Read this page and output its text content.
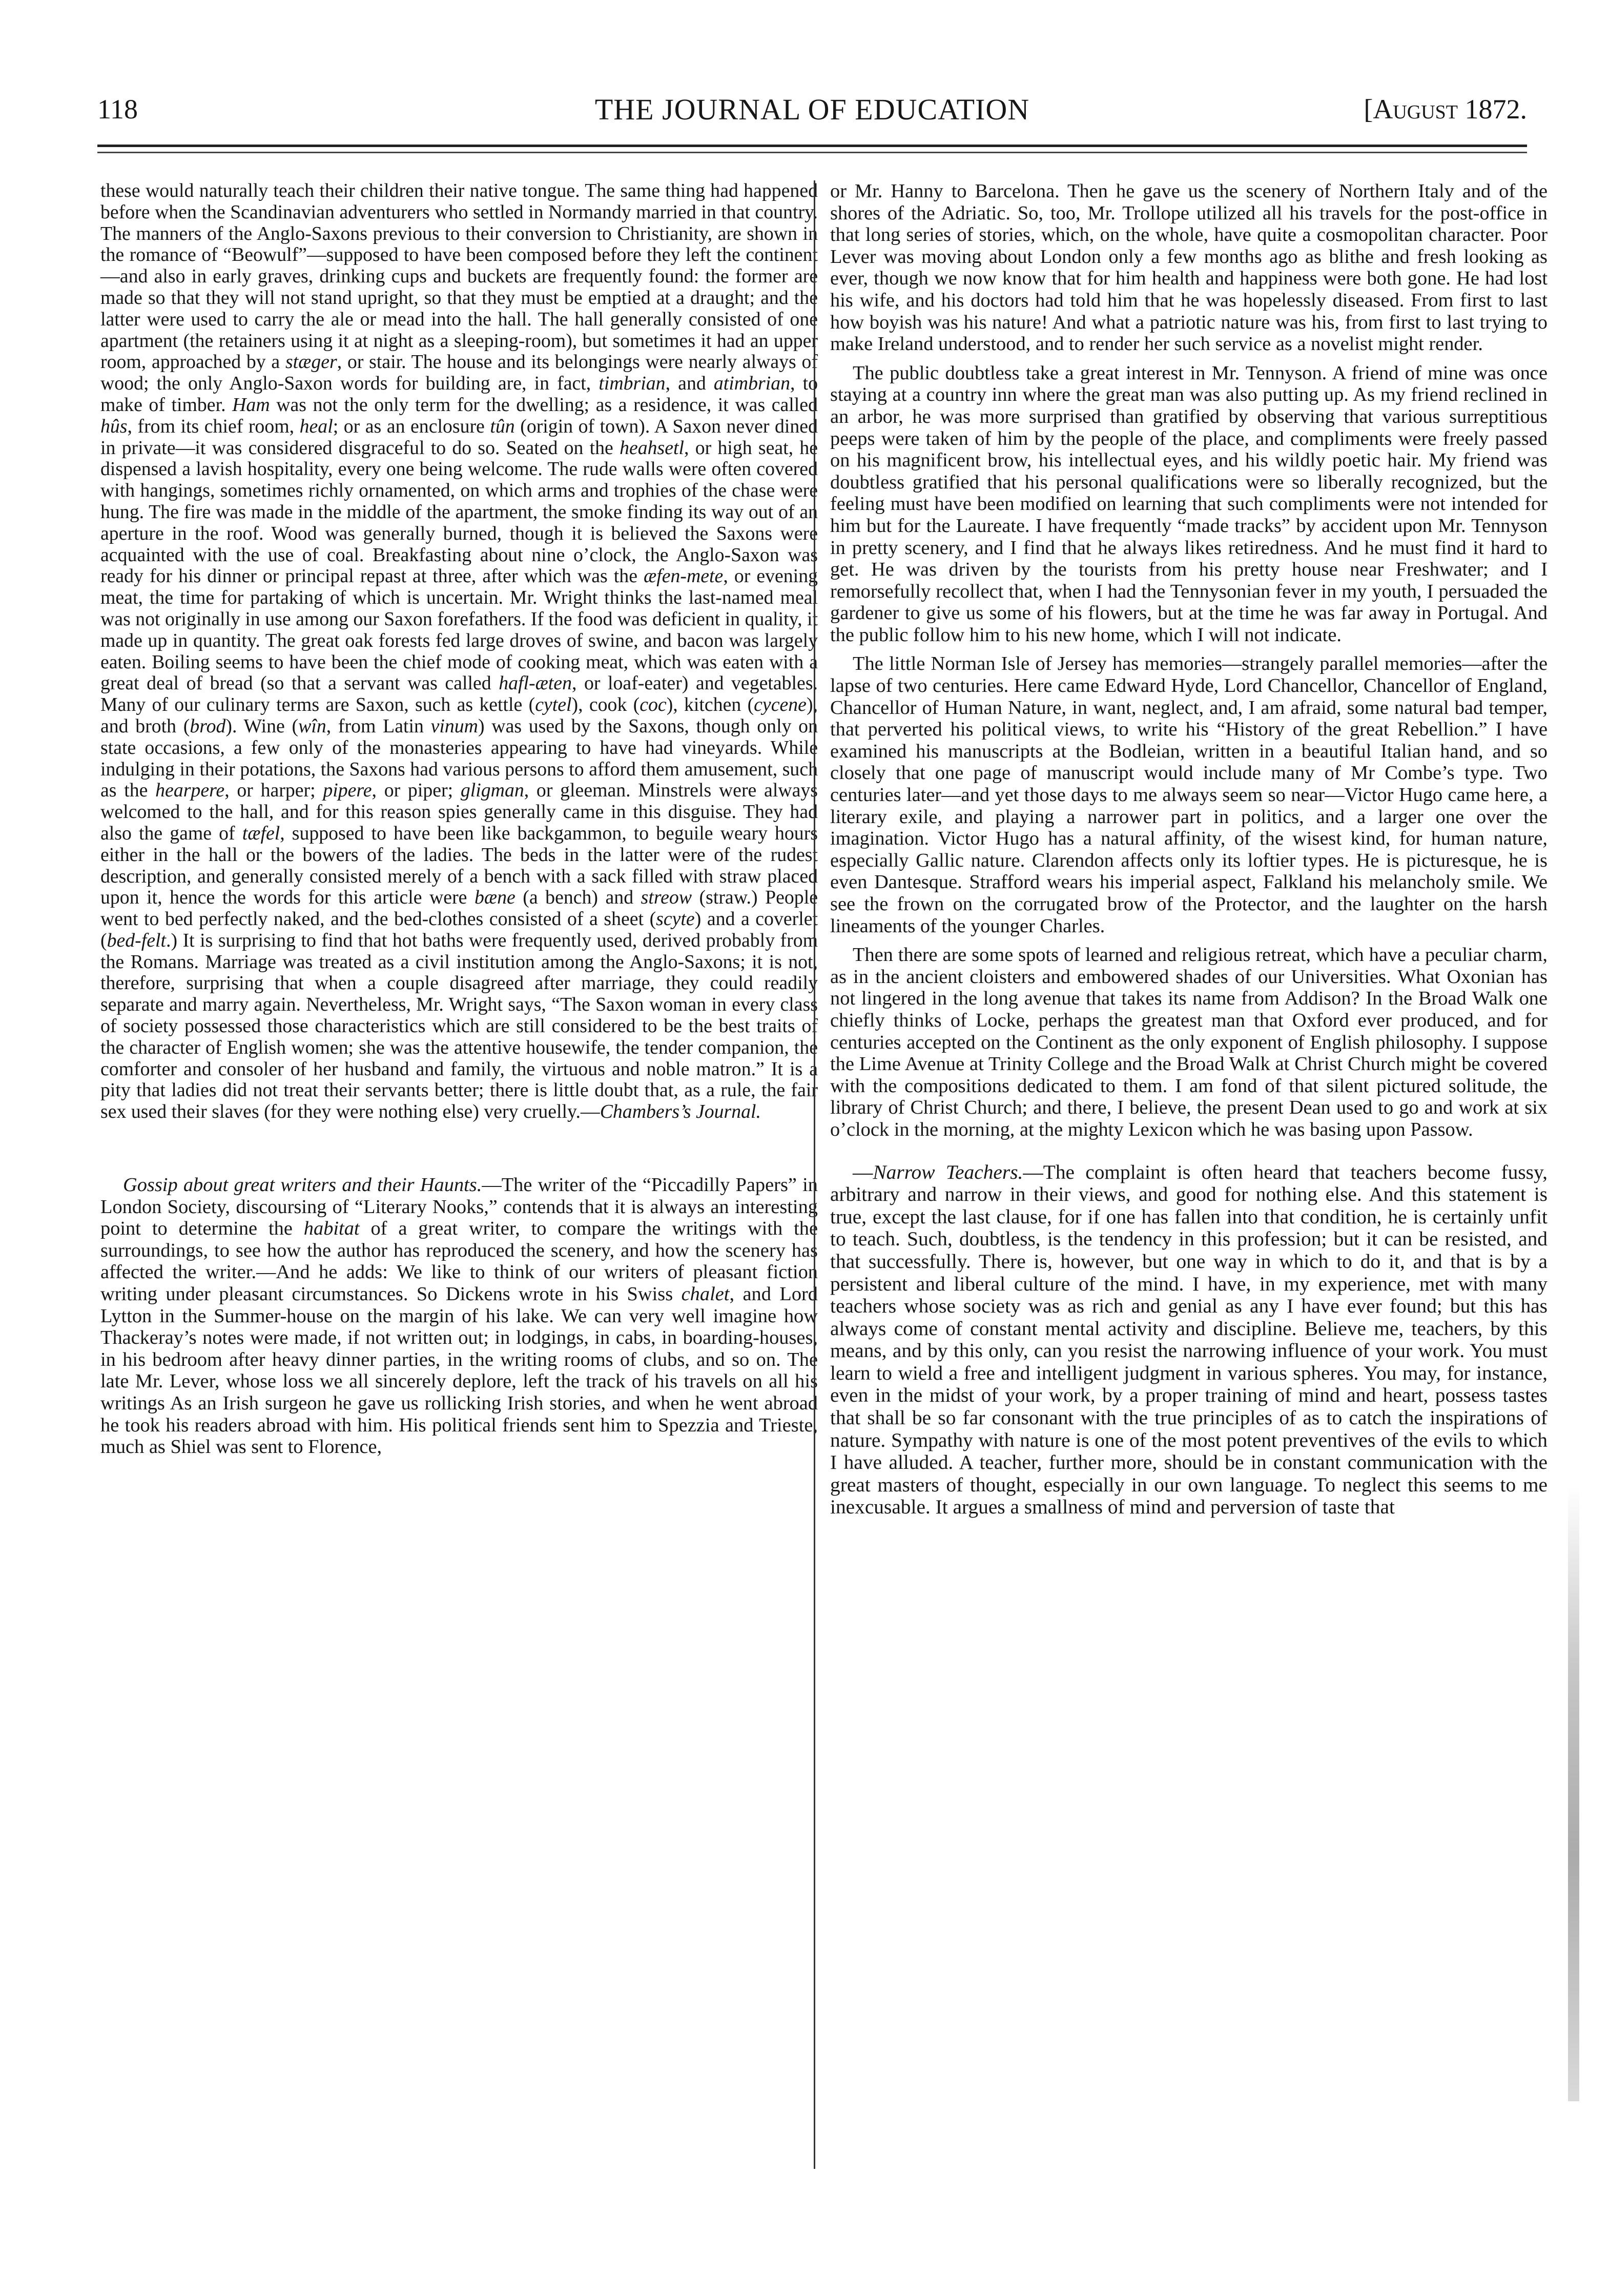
118	THE JOURNAL OF EDUCATION	[August 1872.

these would naturally teach their children their native tongue. The same thing had happened before when the Scandinavian adventurers who settled in Normandy married in that country. The manners of the Anglo-Saxons previous to their conversion to Christianity, are shown in the romance of “Beowulf”—supposed to have been composed before they left the continent—and also in early graves, drinking cups and buckets are frequently found: the former are made so that they will not stand upright, so that they must be emptied at a draught; and the latter were used to carry the ale or mead into the hall. The hall generally consisted of one apartment (the retainers using it at night as a sleeping-room), but sometimes it had an upper room, approached by a stæger, or stair. The house and its belongings were nearly always of wood; the only Anglo-Saxon words for building are, in fact, timbrian, and atimbrian, to make of timber. Ham was not the only term for the dwelling; as a residence, it was called hûs, from its chief room, heal; or as an enclosure tûn (origin of town). A Saxon never dined in private—it was considered disgraceful to do so. Seated on the heahsetl, or high seat, he dispensed a lavish hospitality, every one being welcome. The rude walls were often covered with hangings, sometimes richly ornamented, on which arms and trophies of the chase were hung. The fire was made in the middle of the apartment, the smoke finding its way out of an aperture in the roof. Wood was generally burned, though it is believed the Saxons were acquainted with the use of coal. Breakfasting about nine o’clock, the Anglo-Saxon was ready for his dinner or principal repast at three, after which was the æfen-mete, or evening meat, the time for partaking of which is uncertain. Mr. Wright thinks the last-named meal was not originally in use among our Saxon forefathers. If the food was deficient in quality, it made up in quantity. The great oak forests fed large droves of swine, and bacon was largely eaten. Boiling seems to have been the chief mode of cooking meat, which was eaten with a great deal of bread (so that a servant was called hafl-æten, or loaf-eater) and vegetables. Many of our culinary terms are Saxon, such as kettle (cytel), cook (coc), kitchen (cycene), and broth (brod). Wine (wîn, from Latin vinum) was used by the Saxons, though only on state occasions, a few only of the monasteries appearing to have had vineyards. While indulging in their potations, the Saxons had various persons to afford them amusement, such as the hearpere, or harper; pipere, or piper; gligman, or gleeman. Minstrels were always welcomed to the hall, and for this reason spies generally came in this disguise. They had also the game of tæfel, supposed to have been like backgammon, to beguile weary hours either in the hall or the bowers of the ladies. The beds in the latter were of the rudest description, and generally consisted merely of a bench with a sack filled with straw placed upon it, hence the words for this article were bæne (a bench) and streow (straw.) People went to bed perfectly naked, and the bed-clothes consisted of a sheet (scyte) and a coverlet (bed-felt.) It is surprising to find that hot baths were frequently used, derived probably from the Romans. Marriage was treated as a civil institution among the Anglo-Saxons; it is not, therefore, surprising that when a couple disagreed after marriage, they could readily separate and marry again. Nevertheless, Mr. Wright says, “The Saxon woman in every class of society possessed those characteristics which are still considered to be the best traits of the character of English women; she was the attentive housewife, the tender companion, the comforter and consoler of her husband and family, the virtuous and noble matron.” It is a pity that ladies did not treat their servants better; there is little doubt that, as a rule, the fair sex used their slaves (for they were nothing else) very cruelly.—Chambers’s Journal.

Gossip about great writers and their Haunts.—The writer of the “Piccadilly Papers” in London Society, discoursing of “Literary Nooks,” contends that it is always an interesting point to determine the habitat of a great writer, to compare the writings with the surroundings, to see how the author has reproduced the scenery, and how the scenery has affected the writer.—And he adds: We like to think of our writers of pleasant fiction writing under pleasant circumstances. So Dickens wrote in his Swiss chalet, and Lord Lytton in the Summer-house on the margin of his lake. We can very well imagine how Thackeray’s notes were made, if not written out; in lodgings, in cabs, in boarding-houses, in his bedroom after heavy dinner parties, in the writing rooms of clubs, and so on. The late Mr. Lever, whose loss we all sincerely deplore, left the track of his travels on all his writings As an Irish surgeon he gave us rollicking Irish stories, and when he went abroad he took his readers abroad with him. His political friends sent him to Spezzia and Trieste, much as Shiel was sent to Florence,

or Mr. Hanny to Barcelona. Then he gave us the scenery of Northern Italy and of the shores of the Adriatic. So, too, Mr. Trollope utilized all his travels for the post-office in that long series of stories, which, on the whole, have quite a cosmopolitan character. Poor Lever was moving about London only a few months ago as blithe and fresh looking as ever, though we now know that for him health and happiness were both gone. He had lost his wife, and his doctors had told him that he was hopelessly diseased. From first to last how boyish was his nature! And what a patriotic nature was his, from first to last trying to make Ireland understood, and to render her such service as a novelist might render.

The public doubtless take a great interest in Mr. Tennyson. A friend of mine was once staying at a country inn where the great man was also putting up. As my friend reclined in an arbor, he was more surprised than gratified by observing that various surreptitious peeps were taken of him by the people of the place, and compliments were freely passed on his magnificent brow, his intellectual eyes, and his wildly poetic hair. My friend was doubtless gratified that his personal qualifications were so liberally recognized, but the feeling must have been modified on learning that such compliments were not intended for him but for the Laureate. I have frequently “made tracks” by accident upon Mr. Tennyson in pretty scenery, and I find that he always likes retiredness. And he must find it hard to get. He was driven by the tourists from his pretty house near Freshwater; and I remorsefully recollect that, when I had the Tennysonian fever in my youth, I persuaded the gardener to give us some of his flowers, but at the time he was far away in Portugal. And the public follow him to his new home, which I will not indicate.

The little Norman Isle of Jersey has memories—strangely parallel memories—after the lapse of two centuries. Here came Edward Hyde, Lord Chancellor, Chancellor of England, Chancellor of Human Nature, in want, neglect, and, I am afraid, some natural bad temper, that perverted his political views, to write his “History of the great Rebellion.” I have examined his manuscripts at the Bodleian, written in a beautiful Italian hand, and so closely that one page of manuscript would include many of Mr Combe’s type. Two centuries later—and yet those days to me always seem so near—Victor Hugo came here, a literary exile, and playing a narrower part in politics, and a larger one over the imagination. Victor Hugo has a natural affinity, of the wisest kind, for human nature, especially Gallic nature. Clarendon affects only its loftier types. He is picturesque, he is even Dantesque. Strafford wears his imperial aspect, Falkland his melancholy smile. We see the frown on the corrugated brow of the Protector, and the laughter on the harsh lineaments of the younger Charles.

Then there are some spots of learned and religious retreat, which have a peculiar charm, as in the ancient cloisters and embowered shades of our Universities. What Oxonian has not lingered in the long avenue that takes its name from Addison? In the Broad Walk one chiefly thinks of Locke, perhaps the greatest man that Oxford ever produced, and for centuries accepted on the Continent as the only exponent of English philosophy. I suppose the Lime Avenue at Trinity College and the Broad Walk at Christ Church might be covered with the compositions dedicated to them. I am fond of that silent pictured solitude, the library of Christ Church; and there, I believe, the present Dean used to go and work at six o’clock in the morning, at the mighty Lexicon which he was basing upon Passow.

—Narrow Teachers.—The complaint is often heard that teachers become fussy, arbitrary and narrow in their views, and good for nothing else. And this statement is true, except the last clause, for if one has fallen into that condition, he is certainly unfit to teach. Such, doubtless, is the tendency in this profession; but it can be resisted, and that successfully. There is, however, but one way in which to do it, and that is by a persistent and liberal culture of the mind. I have, in my experience, met with many teachers whose society was as rich and genial as any I have ever found; but this has always come of constant mental activity and discipline. Believe me, teachers, by this means, and by this only, can you resist the narrowing influence of your work. You must learn to wield a free and intelligent judgment in various spheres. You may, for instance, even in the midst of your work, by a proper training of mind and heart, possess tastes that shall be so far consonant with the true principles of as to catch the inspirations of nature. Sympathy with nature is one of the most potent preventives of the evils to which I have alluded. A teacher, further more, should be in constant communication with the great masters of thought, especially in our own language. To neglect this seems to me inexcusable. It argues a smallness of mind and perversion of taste that
